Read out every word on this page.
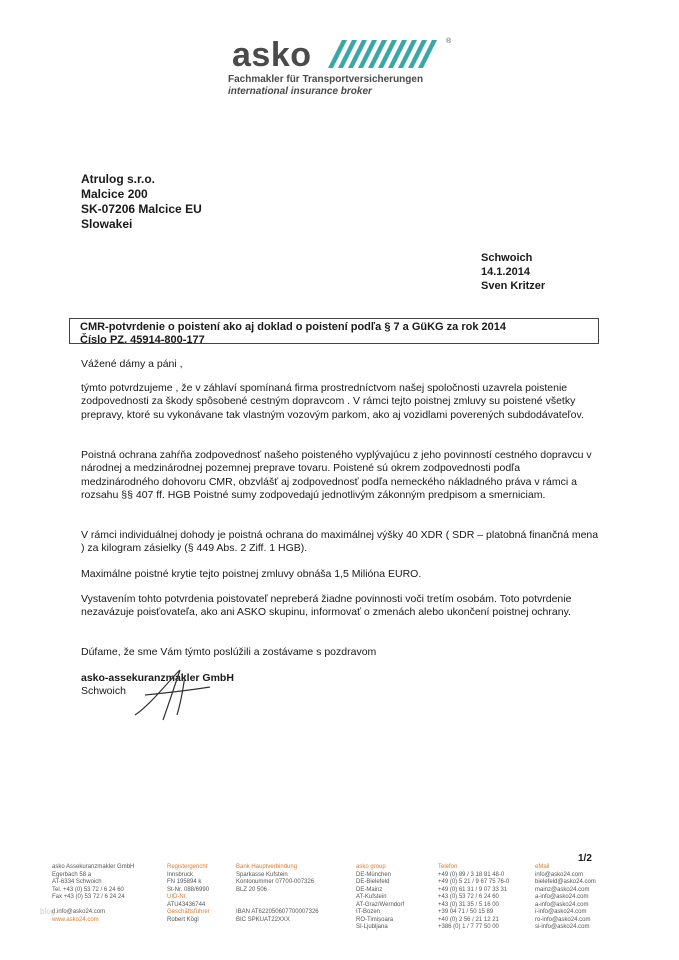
asko	®
Fachmakler für Transportversicherungen
international insurance broker
Atrulog s.r.o.
Malcice 200
SK-07206 Malcice EU
Slowakei
Schwoich
14.1.2014
Sven Kritzer
CMR-potvrdenie o poistení ako aj doklad o poistení podľa § 7 a GüKG za rok 2014
Číslo PZ. 45914-800-177
Vážené dámy a páni ,

týmto potvrdzujeme , že v záhlaví spomínaná firma prostredníctvom našej spoločnosti uzavrela poistenie zodpovednosti za škody spôsobené cestným dopravcom . V rámci tejto poistnej zmluvy su poistené všetky prepravy, ktoré su vykonávane tak vlastným vozovým parkom, ako aj vozidlami poverených subdodávateľov.

Poistná ochrana zahŕňa zodpovednosť našeho poisteného vyplývajúcu z jeho povinností cestného dopravcu v národnej a medzinárodnej pozemnej preprave tovaru. Poistené sú okrem zodpovednosti podľa medzinárodného dohovoru CMR, obzvlášť aj zodpovednosť podľa nemeckého nákladného práva v rámci a rozsahu §§ 407 ff. HGB Poistné sumy zodpovedajú jednotlivým zákonným predpisom a smerniciam.

V rámci individuálnej dohody je poistná ochrana do maximálnej výšky 40 XDR ( SDR – platobná finančná mena ) za kilogram zásielky (§ 449 Abs. 2 Ziff. 1 HGB).

Maximálne poistné krytie tejto poistnej zmluvy obnáša 1,5 Milióna EURO.

Vystavením tohto potvrdenia poistovateľ nepreberá žiadne povinnosti voči tretím osobám. Toto potvrdenie nezavázuje poisťovateľa, ako ani ASKO skupinu, informovať o zmenách alebo ukončení poistnej ochrany.

Dúfame, že sme Vám týmto poslúžili a zostávame s pozdravom
asko-assekuranzmakler GmbH
Schwoich
1/2
asko Assekuranzmakler GmbH
Egerbach 58 a
AT-6334 Schwoich
Tel. +43 (0) 53 72 / 6 24 60
Fax +43 (0) 53 72 / 6 24 24

d.info@asko24.com
www.asko24.com
Registergericht
Innsbruck
FN 195894 k
St-Nr. 088/6990
UID-Nr.
ATU43436744
Geschäftsführer
Robert Kögl
Bank Hauptverbindung
Sparkasse Kufstein
Kontonummer 07700-007326
BLZ 20 506

IBAN AT622050607700007326
BIC SPKUAT22XXX
asko group
DE-München
DE-Bielefeld
DE-Mainz
AT-Kufstein
AT-Graz/Werndorf
IT-Bozen
RO-Timișoara
SI-Ljubljana
Telefon
+49 (0) 89 / 3 18 81 48-0
+49 (0) 5 21 / 9 67 75 76-0
+49 (0) 61 31 / 9 07 33 31
+43 (0) 53 72 / 6 24 60
+43 (0) 31 35 / 5 16 00
+39 04 71 / 50 15 89
+40 (0) 2 56 / 21 12 21
+386 (0) 1 / 7 77 50 00
eMail
info@asko24.com
bielefeld@asko24.com
mainz@asko24.com
a-info@asko24.com
a-info@asko24.com
i-info@asko24.com
ro-info@asko24.com
si-info@asko24.com
blog
